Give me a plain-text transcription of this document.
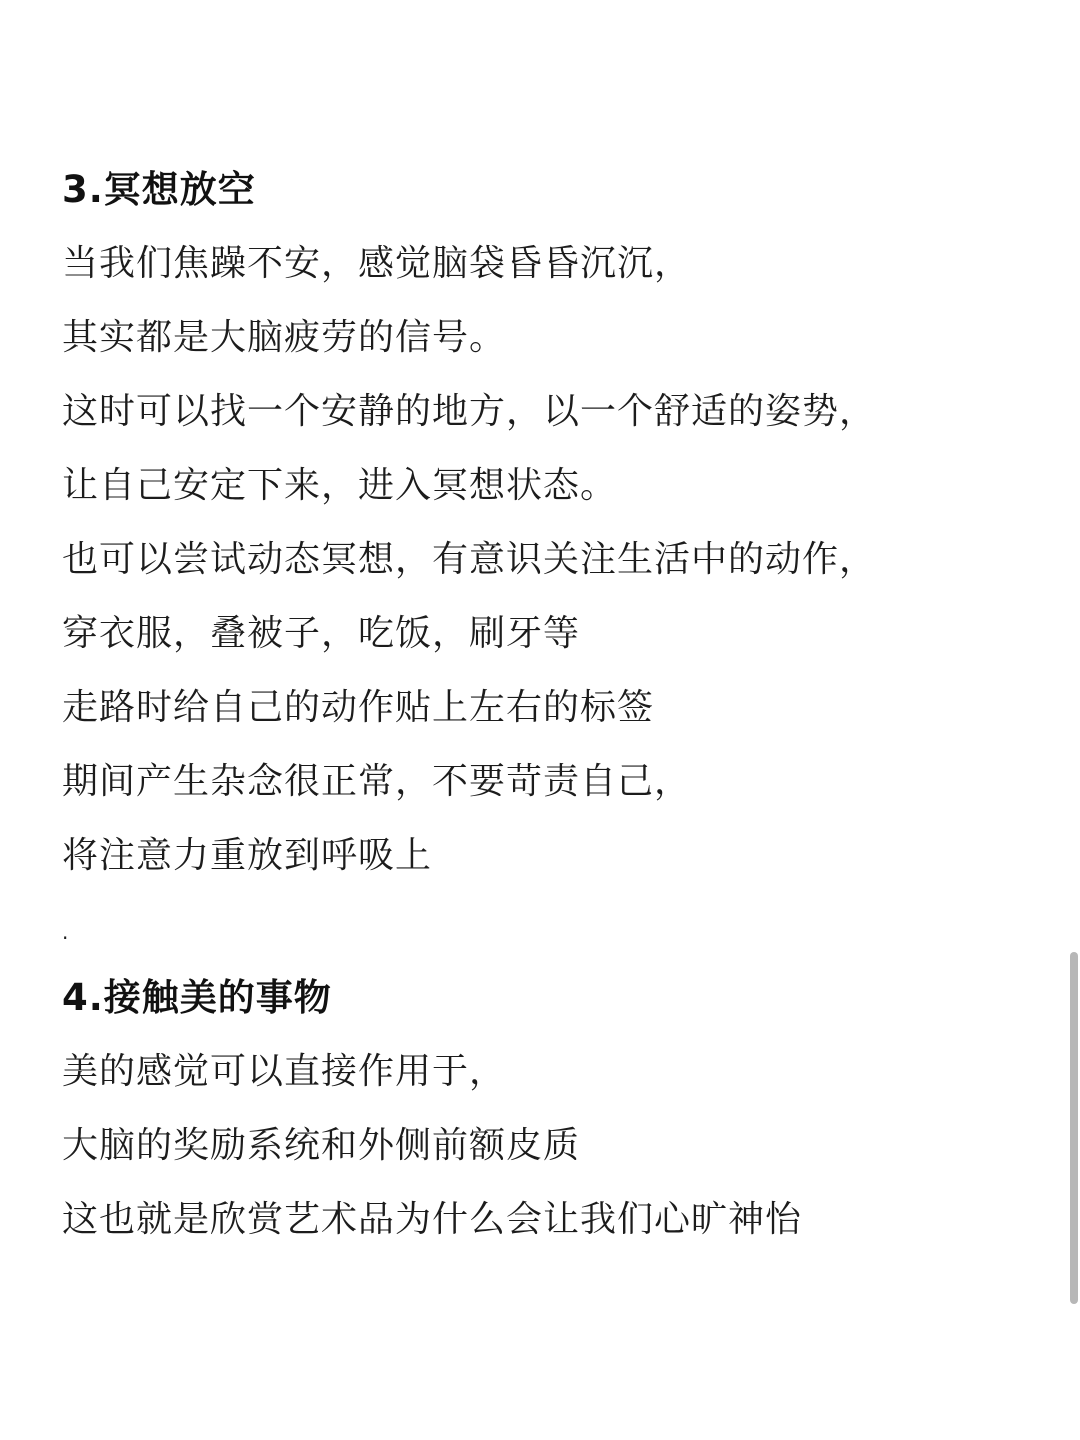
3.冥想放空
当我们焦躁不安，感觉脑袋昏昏沉沉，
其实都是大脑疲劳的信号。
这时可以找一个安静的地方，以一个舒适的姿势，
让自己安定下来，进入冥想状态。
也可以尝试动态冥想，有意识关注生活中的动作，
穿衣服，叠被子，吃饭，刷牙等
走路时给自己的动作贴上左右的标签
期间产生杂念很正常，不要苛责自己，
将注意力重放到呼吸上
.
4.接触美的事物
美的感觉可以直接作用于，
大脑的奖励系统和外侧前额皮质
这也就是欣赏艺术品为什么会让我们心旷神怡
